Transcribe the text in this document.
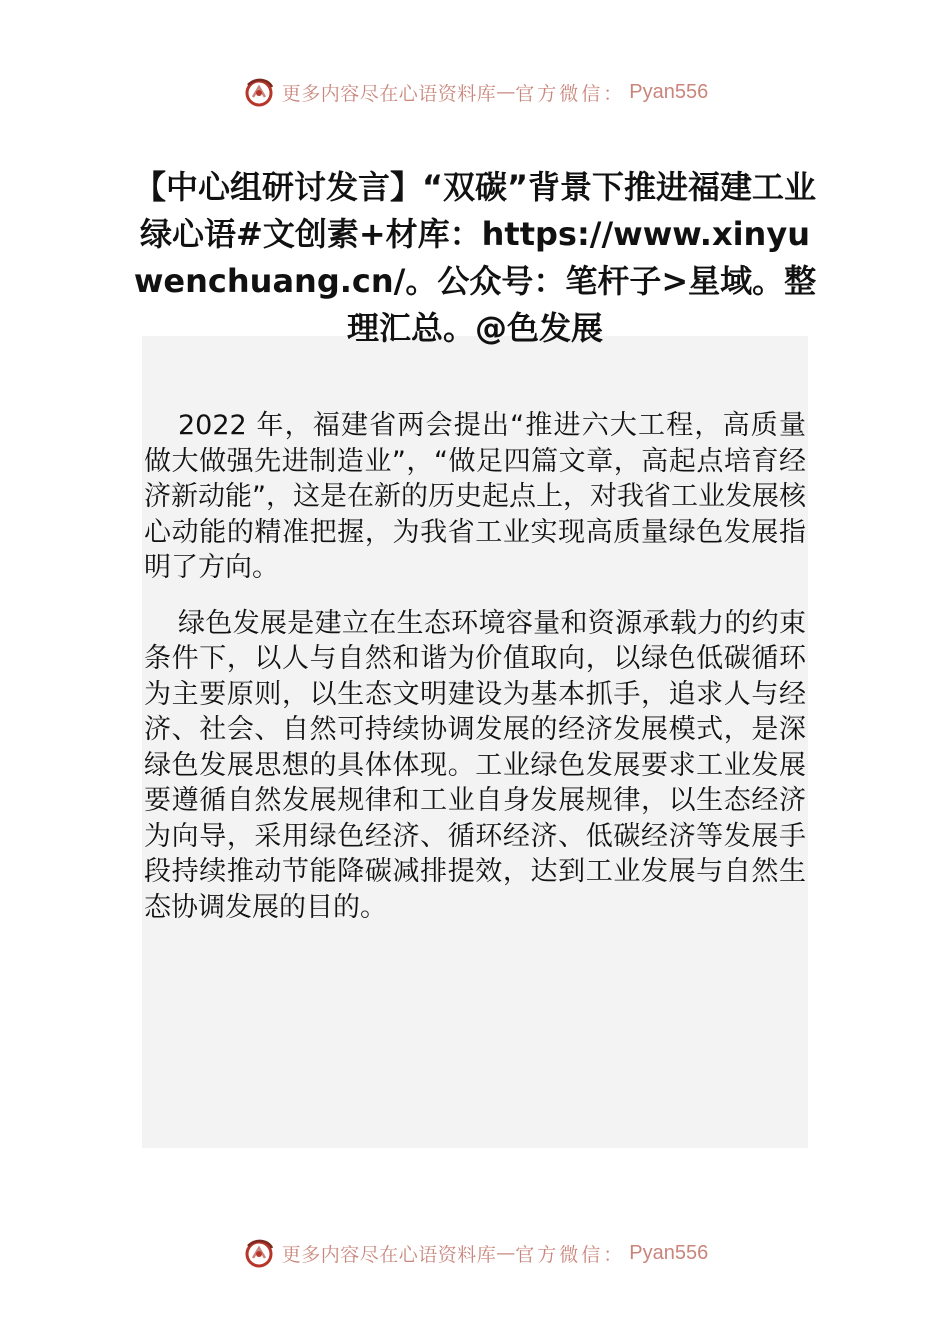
更多内容尽在心语资料库 — 官方微信： Pyan556
【中心组研讨发言】“双碳”背景下推进福建工业绿心语#文创素+材库：https://www.xinyuwenchuang.cn/。公众号：笔杆子>星域。整理汇总。@色发展

2022 年，福建省两会提出“推进六大工程，高质量做大做强先进制造业”，“做足四篇文章，高起点培育经济新动能”，这是在新的历史起点上，对我省工业发展核心动能的精准把握，为我省工业实现高质量绿色发展指明了方向。

绿色发展是建立在生态环境容量和资源承载力的约束条件下，以人与自然和谐为价值取向，以绿色低碳循环为主要原则，以生态文明建设为基本抓手，追求人与经济、社会、自然可持续协调发展的经济发展模式，是深绿色发展思想的具体体现。工业绿色发展要求工业发展要遵循自然发展规律和工业自身发展规律，以生态经济为向导，采用绿色经济、循环经济、低碳经济等发展手段持续推动节能降碳减排提效，达到工业发展与自然生态协调发展的目的。

更多内容尽在心语资料库 — 官方微信： Pyan556
